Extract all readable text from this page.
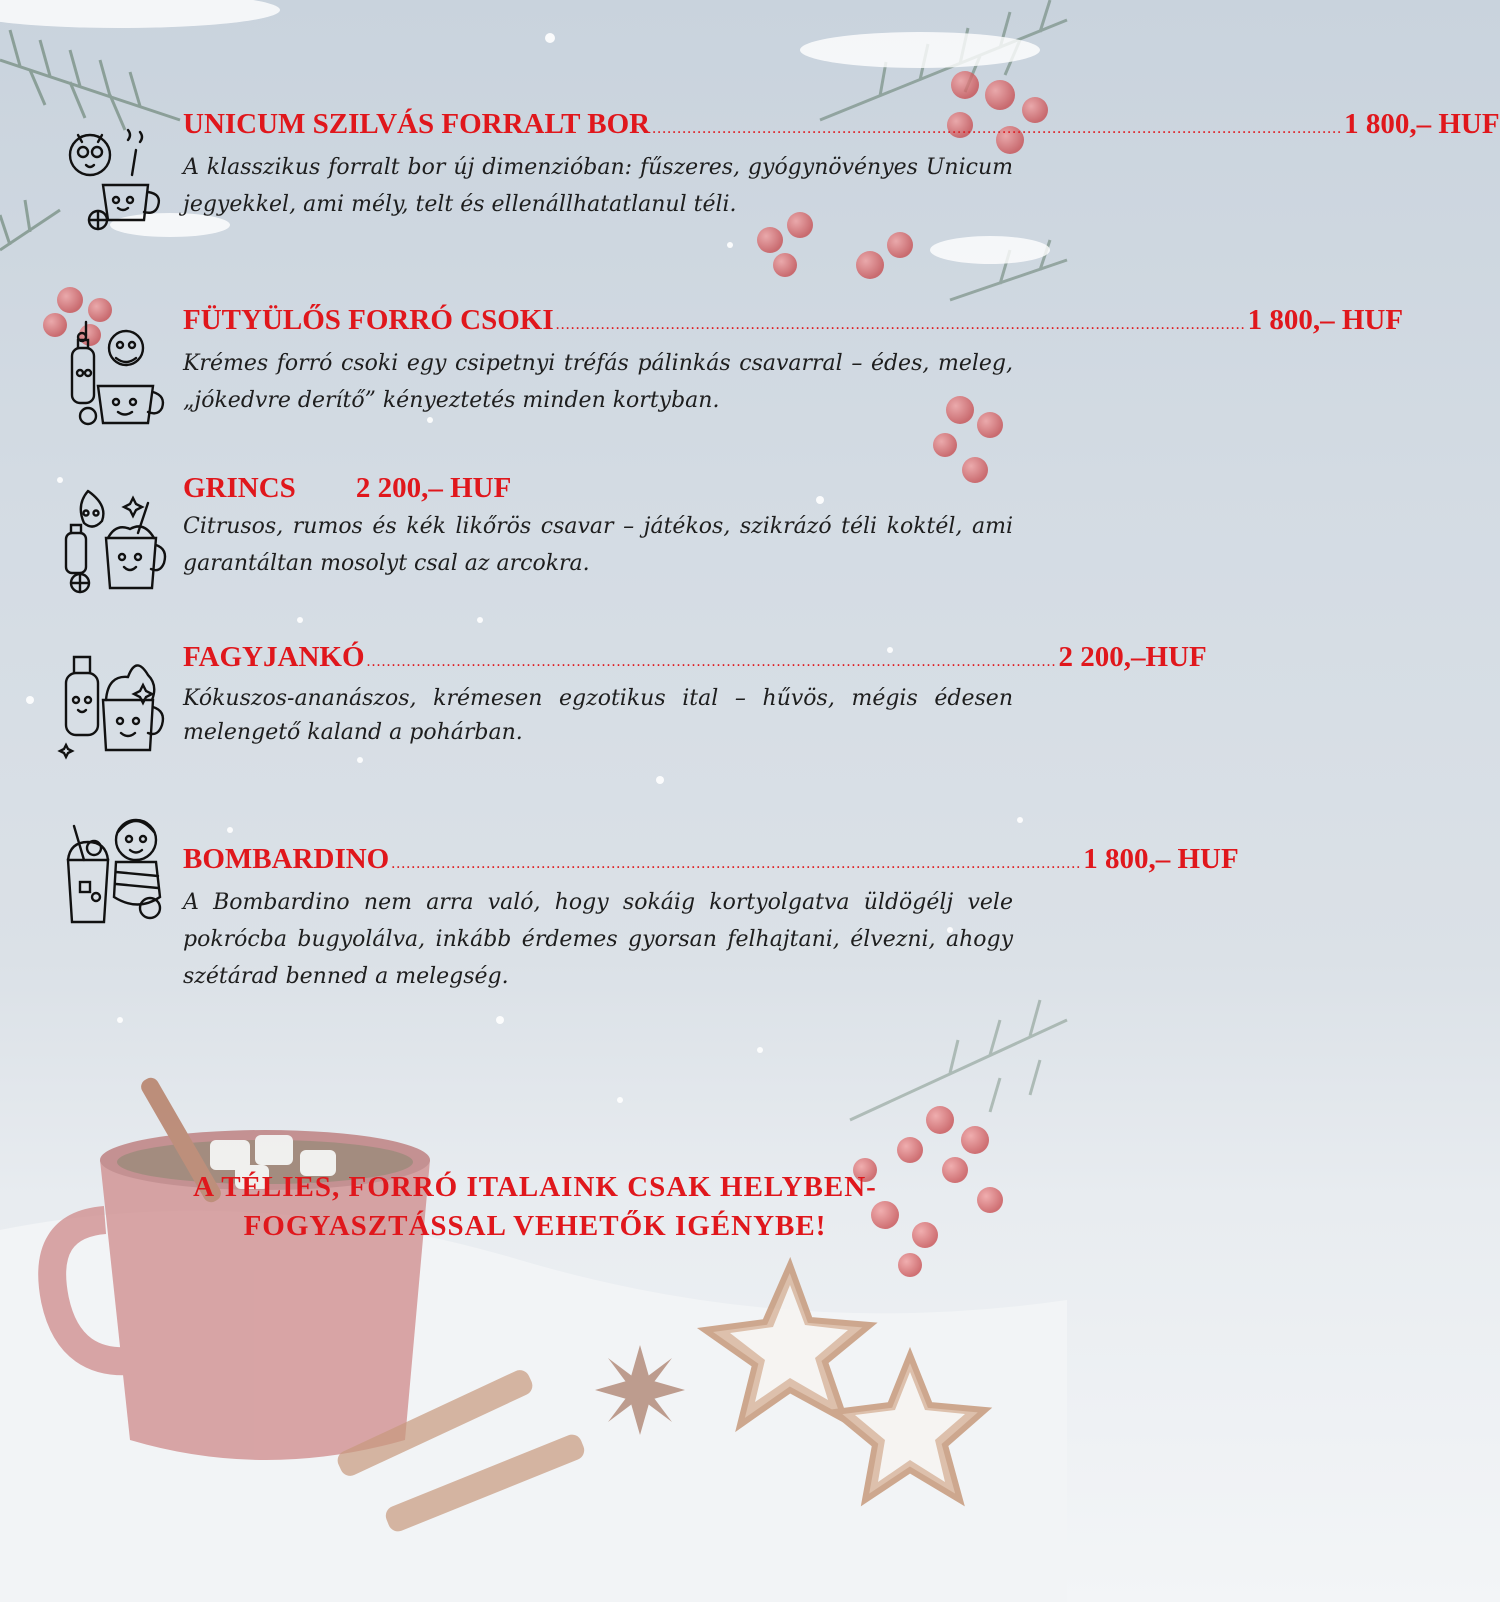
UNICUM SZILVÁS FORRALT BOR .......................................................................................................................................... 1 800,– HUF
A klasszikus forralt bor új dimenzióban: fűszeres, gyógynövényes Unicum jegyekkel, ami mély, telt és ellenállhatatlanul téli.
FÜTYÜLŐS FORRÓ CSOKI .......................................................................................................................................... 1 800,– HUF
Krémes forró csoki egy csipetnyi tréfás pálinkás csavarral – édes, meleg, „jókedvre derítő” kényeztetés minden kortyban.
GRINCS 2 200,– HUF
Citrusos, rumos és kék likőrös csavar – játékos, szikrázó téli koktél, ami garantáltan mosolyt csal az arcokra.
FAGYJANKÓ .......................................................................................................................................... 2 200,–HUF
Kókuszos-ananászos, krémesen egzotikus ital – hűvös, mégis édesen melengető kaland a pohárban.
BOMBARDINO .......................................................................................................................................... 1 800,– HUF
A Bombardino nem arra való, hogy sokáig kortyolgatva üldögélj vele pokrócba bugyolálva, inkább érdemes gyorsan felhajtani, élvezni, ahogy szétárad benned a melegség.
A TÉLIES, FORRÓ ITALAINK CSAK HELYBEN-
FOGYASZTÁSSAL VEHETŐK IGÉNYBE!
